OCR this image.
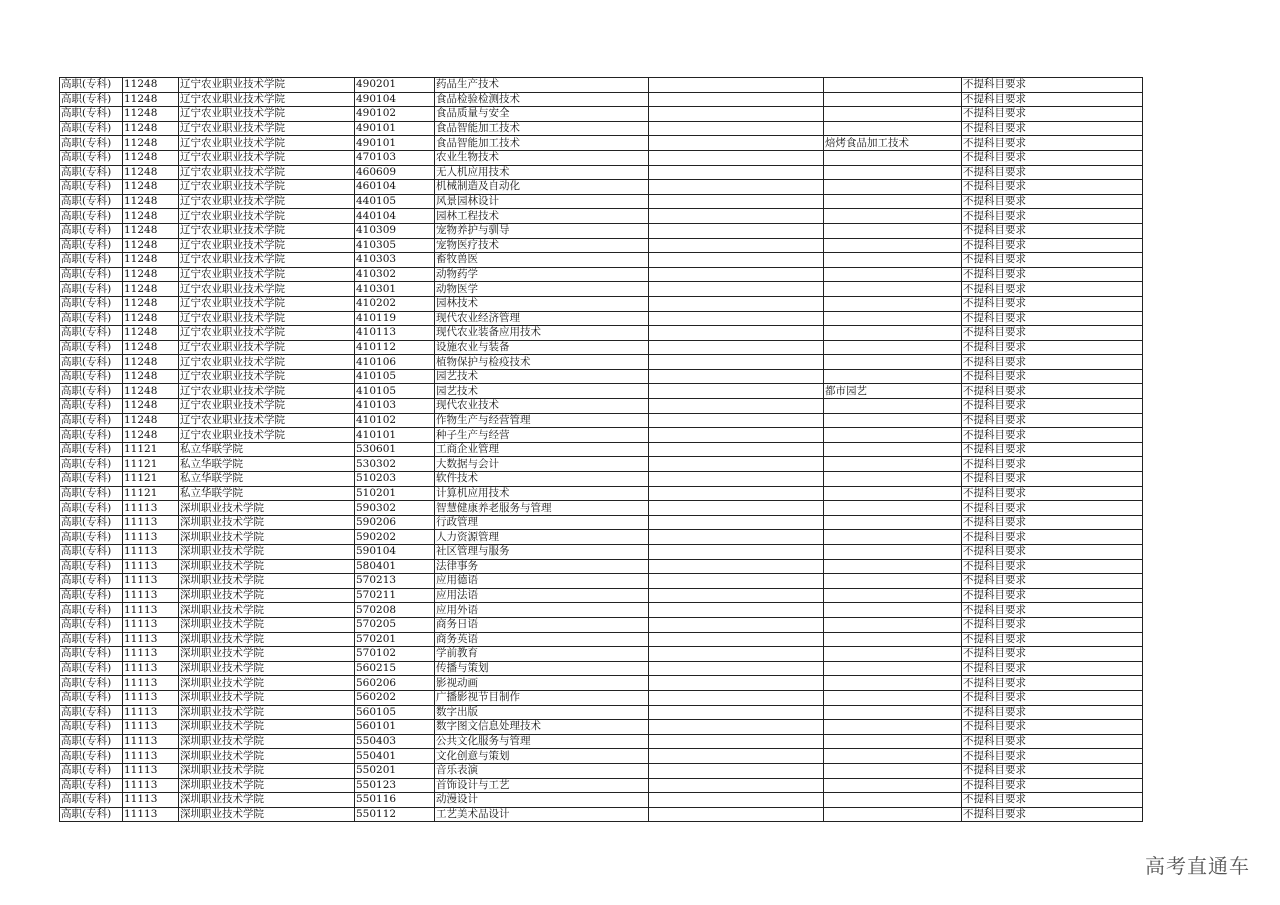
高职(专科)	11248	辽宁农业职业技术学院	490201	药品生产技术			不提科目要求
高职(专科)	11248	辽宁农业职业技术学院	490104	食品检验检测技术			不提科目要求
高职(专科)	11248	辽宁农业职业技术学院	490102	食品质量与安全			不提科目要求
高职(专科)	11248	辽宁农业职业技术学院	490101	食品智能加工技术			不提科目要求
高职(专科)	11248	辽宁农业职业技术学院	490101	食品智能加工技术		焙烤食品加工技术	不提科目要求
高职(专科)	11248	辽宁农业职业技术学院	470103	农业生物技术			不提科目要求
高职(专科)	11248	辽宁农业职业技术学院	460609	无人机应用技术			不提科目要求
高职(专科)	11248	辽宁农业职业技术学院	460104	机械制造及自动化			不提科目要求
高职(专科)	11248	辽宁农业职业技术学院	440105	风景园林设计			不提科目要求
高职(专科)	11248	辽宁农业职业技术学院	440104	园林工程技术			不提科目要求
高职(专科)	11248	辽宁农业职业技术学院	410309	宠物养护与驯导			不提科目要求
高职(专科)	11248	辽宁农业职业技术学院	410305	宠物医疗技术			不提科目要求
高职(专科)	11248	辽宁农业职业技术学院	410303	畜牧兽医			不提科目要求
高职(专科)	11248	辽宁农业职业技术学院	410302	动物药学			不提科目要求
高职(专科)	11248	辽宁农业职业技术学院	410301	动物医学			不提科目要求
高职(专科)	11248	辽宁农业职业技术学院	410202	园林技术			不提科目要求
高职(专科)	11248	辽宁农业职业技术学院	410119	现代农业经济管理			不提科目要求
高职(专科)	11248	辽宁农业职业技术学院	410113	现代农业装备应用技术			不提科目要求
高职(专科)	11248	辽宁农业职业技术学院	410112	设施农业与装备			不提科目要求
高职(专科)	11248	辽宁农业职业技术学院	410106	植物保护与检疫技术			不提科目要求
高职(专科)	11248	辽宁农业职业技术学院	410105	园艺技术			不提科目要求
高职(专科)	11248	辽宁农业职业技术学院	410105	园艺技术		都市园艺	不提科目要求
高职(专科)	11248	辽宁农业职业技术学院	410103	现代农业技术			不提科目要求
高职(专科)	11248	辽宁农业职业技术学院	410102	作物生产与经营管理			不提科目要求
高职(专科)	11248	辽宁农业职业技术学院	410101	种子生产与经营			不提科目要求
高职(专科)	11121	私立华联学院	530601	工商企业管理			不提科目要求
高职(专科)	11121	私立华联学院	530302	大数据与会计			不提科目要求
高职(专科)	11121	私立华联学院	510203	软件技术			不提科目要求
高职(专科)	11121	私立华联学院	510201	计算机应用技术			不提科目要求
高职(专科)	11113	深圳职业技术学院	590302	智慧健康养老服务与管理			不提科目要求
高职(专科)	11113	深圳职业技术学院	590206	行政管理			不提科目要求
高职(专科)	11113	深圳职业技术学院	590202	人力资源管理			不提科目要求
高职(专科)	11113	深圳职业技术学院	590104	社区管理与服务			不提科目要求
高职(专科)	11113	深圳职业技术学院	580401	法律事务			不提科目要求
高职(专科)	11113	深圳职业技术学院	570213	应用德语			不提科目要求
高职(专科)	11113	深圳职业技术学院	570211	应用法语			不提科目要求
高职(专科)	11113	深圳职业技术学院	570208	应用外语			不提科目要求
高职(专科)	11113	深圳职业技术学院	570205	商务日语			不提科目要求
高职(专科)	11113	深圳职业技术学院	570201	商务英语			不提科目要求
高职(专科)	11113	深圳职业技术学院	570102	学前教育			不提科目要求
高职(专科)	11113	深圳职业技术学院	560215	传播与策划			不提科目要求
高职(专科)	11113	深圳职业技术学院	560206	影视动画			不提科目要求
高职(专科)	11113	深圳职业技术学院	560202	广播影视节目制作			不提科目要求
高职(专科)	11113	深圳职业技术学院	560105	数字出版			不提科目要求
高职(专科)	11113	深圳职业技术学院	560101	数字图文信息处理技术			不提科目要求
高职(专科)	11113	深圳职业技术学院	550403	公共文化服务与管理			不提科目要求
高职(专科)	11113	深圳职业技术学院	550401	文化创意与策划			不提科目要求
高职(专科)	11113	深圳职业技术学院	550201	音乐表演			不提科目要求
高职(专科)	11113	深圳职业技术学院	550123	首饰设计与工艺			不提科目要求
高职(专科)	11113	深圳职业技术学院	550116	动漫设计			不提科目要求
高职(专科)	11113	深圳职业技术学院	550112	工艺美术品设计			不提科目要求
高考直通车
